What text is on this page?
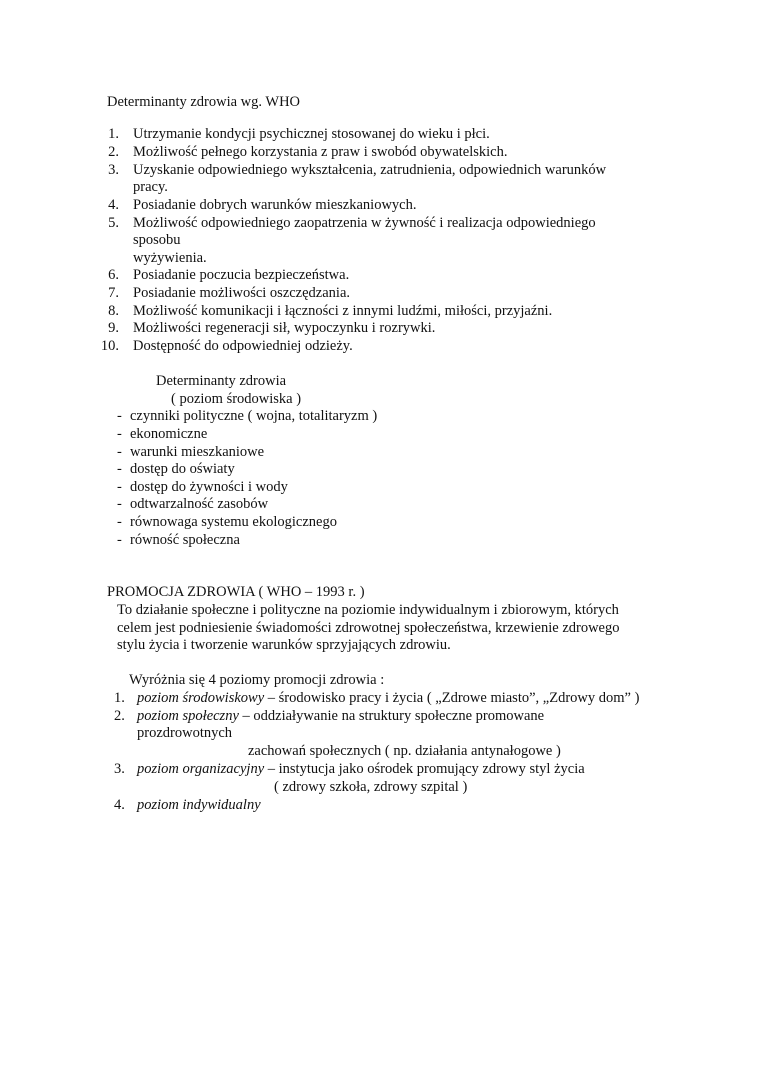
Determinanty zdrowia wg. WHO

1. Utrzymanie kondycji psychicznej stosowanej do wieku i płci.
2. Możliwość pełnego korzystania z praw i swobód obywatelskich.
3. Uzyskanie odpowiedniego wykształcenia, zatrudnienia, odpowiednich warunków
pracy.
4. Posiadanie dobrych warunków mieszkaniowych.
5. Możliwość odpowiedniego zaopatrzenia w żywność i realizacja odpowiedniego
sposobu
wyżywienia.
6. Posiadanie poczucia bezpieczeństwa.
7. Posiadanie możliwości oszczędzania.
8. Możliwość komunikacji i łączności z innymi ludźmi, miłości, przyjaźni.
9. Możliwości regeneracji sił, wypoczynku i rozrywki.
10. Dostępność do odpowiedniej odzieży.

Determinanty zdrowia

( poziom środowiska )

- czynniki polityczne ( wojna, totalitaryzm )
- ekonomiczne
- warunki mieszkaniowe
- dostęp do oświaty
- dostęp do żywności i wody
- odtwarzalność zasobów
- równowaga systemu ekologicznego
- równość społeczna

PROMOCJA ZDROWIA ( WHO – 1993 r. )

To działanie społeczne i polityczne na poziomie indywidualnym i zbiorowym, których
celem jest podniesienie świadomości zdrowotnej społeczeństwa, krzewienie zdrowego
stylu życia i tworzenie warunków sprzyjających zdrowiu.

Wyróżnia się 4 poziomy promocji zdrowia :

1. poziom środowiskowy – środowisko pracy i życia ( „Zdrowe miasto”, „Zdrowy dom” )
2. poziom społeczny – oddziaływanie na struktury społeczne promowane
prozdrowotnych
zachowań społecznych ( np. działania antynałogowe )
3. poziom organizacyjny – instytucja jako ośrodek promujący zdrowy styl życia
( zdrowy szkoła, zdrowy szpital )
4. poziom indywidualny
